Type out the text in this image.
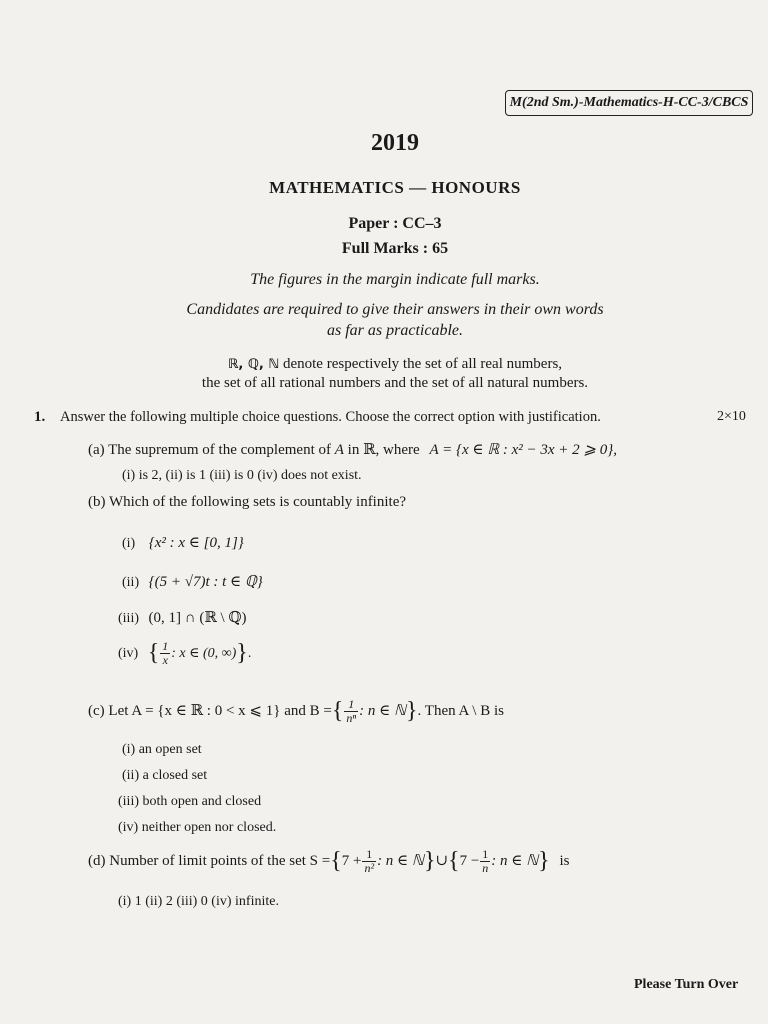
M(2nd Sm.)-Mathematics-H-CC-3/CBCS
2019
MATHEMATICS — HONOURS
Paper : CC–3
Full Marks : 65
The figures in the margin indicate full marks.
Candidates are required to give their answers in their own words
as far as practicable.
ℝ, ℚ, ℕ denote respectively the set of all real numbers,
the set of all rational numbers and the set of all natural numbers.
1. Answer the following multiple choice questions. Choose the correct option with justification.	2×10
(a) The supremum of the complement of A in ℝ, where A = {x ∈ ℝ : x² − 3x + 2 ⩾ 0},
(i) is 2, (ii) is 1 (iii) is 0 (iv) does not exist.
(b) Which of the following sets is countably infinite?
(i) {x² : x ∈ [0, 1]}
(ii) {(5 + √7)t : t ∈ ℚ}
(iii) (0, 1] ∩ (ℝ \ ℚ)
(iv) { $\frac{1}{x}$ : x ∈ (0, ∞)}.
(c) Let A = {x ∈ ℝ : 0 < x ⩽ 1} and B ={ $\frac{1}{\text{nⁿ}}$ : n ∈ ℕ}. Then A \ B is
(i) an open set
(ii) a closed set
(iii) both open and closed
(iv) neither open nor closed.
(d) Number of limit points of the set $S =\{7 + \frac{1}{\text{n²}}$ : n ∈ ℕ}∪{7 − $\frac{1}{n}$ : n ∈ ℕ} is
(i) 1 (ii) 2 (iii) 0 (iv) infinite.
Please Turn Over
